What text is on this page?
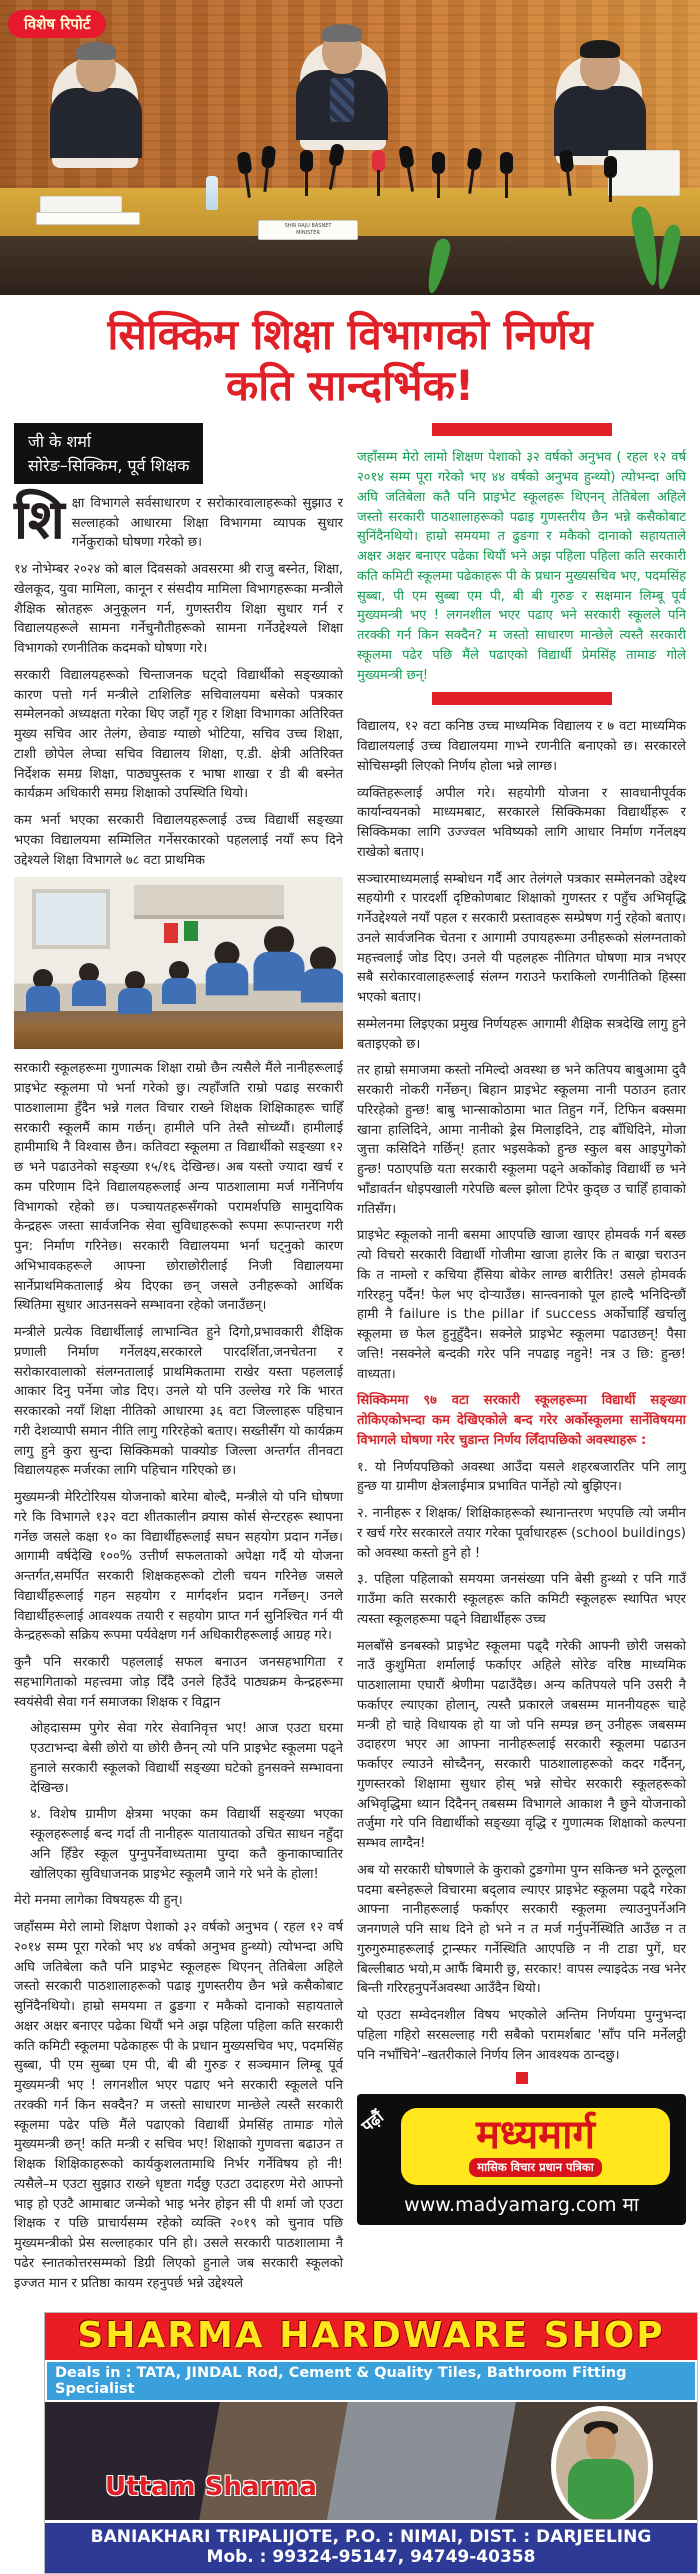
विशेष रिपोर्ट

SHRI RAJU BASNET
MINISTER
सिक्किम शिक्षा विभागको निर्णय
कति सान्दर्भिक!
जी के शर्मा
सोरेङ–सिक्किम, पूर्व शिक्षक

शिक्षा विभागले सर्वसाधारण र सरोकारवालाहरूको सुझाउ र सल्लाहको आधारमा शिक्षा विभागमा व्यापक सुधार गर्नेकुराको घोषणा गरेको छ।

१४ नोभेम्बर २०२४ को बाल दिवसको अवसरमा श्री राजु बस्नेत, शिक्षा, खेलकूद, युवा मामिला, कानून र संसदीय मामिला विभागहरूका मन्त्रीले शैक्षिक स्रोतहरू अनुकूलन गर्न, गुणस्तरीय शिक्षा सुधार गर्न र विद्यालयहरूले सामना गर्नेचुनौतीहरूको सामना गर्नेउद्देश्यले शिक्षा विभागको रणनीतिक कदमको घोषणा गरे।

सरकारी विद्यालयहरूको चिन्ताजनक घट्दो विद्यार्थीको सङ्ख्याको कारण पत्तो गर्न मन्त्रीले टाशिलिङ सचिवालयमा बसेको पत्रकार सम्मेलनको अध्यक्षता गरेका थिए जहाँ गृह र शिक्षा विभागका अतिरिक्त मुख्य सचिव आर तेलंग, छेवाङ ग्याछो भोटिया, सचिव उच्च शिक्षा, टाशी छोपेल लेप्चा सचिव विद्यालय शिक्षा, ए.डी. क्षेत्री अतिरिक्त निर्देशक समग्र शिक्षा, पाठ्यपुस्तक र भाषा शाखा र डी बी बस्नेत कार्यक्रम अधिकारी समग्र शिक्षाको उपस्थिति थियो।

कम भर्ना भएका सरकारी विद्यालयहरूलाई उच्च विद्यार्थी सङ्ख्या भएका विद्यालयमा सम्मिलित गर्नेसरकारको पहललाई नयाँ रूप दिने उद्देश्यले शिक्षा विभागले ७८ वटा प्राथमिक

सरकारी स्कूलहरूमा गुणात्मक शिक्षा राम्रो छैन त्यसैले मैंले नानीहरूलाई प्राइभेट स्कूलमा पो भर्ना गरेको छु। त्यहाँजति राम्रो पढाइ सरकारी पाठशालामा हुँदैन भन्ने गलत विचार राख्ने शिक्षक शिक्षिकाहरू चाहिँ सरकारी स्कूलमैं काम गर्छन्। हामीले पनि तेस्तै सोच्थ्यौं। हामीलाई हामीमाथि नै विश्वास छैन। कतिवटा स्कूलमा त विद्यार्थीको सङ्ख्या १२ छ भने पढाउनेको सङ्ख्या १५/१६ देखिन्छ। अब यस्तो ज्यादा खर्च र कम परिणाम दिने विद्यालयहरूलाई अन्य पाठशालामा मर्ज गर्नेनिर्णय विभागको रहेको छ। पञ्चायतहरूसँगको परामर्शपछि सामुदायिक केन्द्रहरू जस्ता सार्वजनिक सेवा सुविधाहरूको रूपमा रूपान्तरण गरी पुन: निर्माण गरिनेछ। सरकारी विद्यालयमा भर्ना घट्नुको कारण अभिभावकहरूले आफ्ना छोराछोरीलाई निजी विद्यालयमा सार्नेप्राथमिकतालाई श्रेय दिएका छन् जसले उनीहरूको आर्थिक स्थितिमा सुधार आउनसक्ने सम्भावना रहेको जनाउँछन्।

मन्त्रीले प्रत्येक विद्यार्थीलाई लाभान्वित हुने दिगो,प्रभावकारी शैक्षिक प्रणाली निर्माण गर्नेलक्ष्य,सरकारले पारदर्शिता,जनचेतना र सरोकारवालाको संलग्नतालाई प्राथमिकतामा राखेर यस्ता पहललाई आकार दिनु पर्नेमा जोड दिए। उनले यो पनि उल्लेख गरे कि भारत सरकारको नयाँ शिक्षा नीतिको आधारमा ३६ वटा जिल्लाहरू पहिचान गरी देशव्यापी समान नीति लागु गरिरहेको बताए। सख्तीसँग यो कार्यक्रम लागु हुने कुरा सुन्दा सिक्किमको पाक्योङ जिल्ला अन्तर्गत तीनवटा विद्यालयहरू मर्जरका लागि पहिचान गरिएको छ।

मुख्यमन्त्री मेरिटोरियस योजनाको बारेमा बोल्दै, मन्त्रीले यो पनि घोषणा गरे कि विभागले १३२ वटा शीतकालीन क्र्यास कोर्स सेन्टरहरू स्थापना गर्नेछ जसले कक्षा १० का विद्यार्थीहरूलाई सघन सहयोग प्रदान गर्नेछ। आगामी वर्षदेखि १००% उत्तीर्ण सफलताको अपेक्षा गर्दै यो योजना अन्तर्गत,समर्पित सरकारी शिक्षकहरूको टोली चयन गरिनेछ जसले विद्यार्थीहरूलाई गहन सहयोग र मार्गदर्शन प्रदान गर्नेछन्। उनले विद्यार्थीहरूलाई आवश्यक तयारी र सहयोग प्राप्त गर्न सुनिश्चित गर्न यी केन्द्रहरूको सक्रिय रूपमा पर्यवेक्षण गर्न अधिकारीहरूलाई आग्रह गरे।

कुनै पनि सरकारी पहललाई सफल बनाउन जनसहभागिता र सहभागिताको महत्त्वमा जोड़ दिँदै उनले हिउँदे पाठ्यक्रम केन्द्रहरूमा स्वयंसेवी सेवा गर्न समाजका शिक्षक र विद्वान

ओहदासम्म पुगेर सेवा गरेर सेवानिवृत्त भए! आज एउटा घरमा एउटाभन्दा बेसी छोरो या छोरी छैनन् त्यो पनि प्राइभेट स्कूलमा पढ्ने हुनाले सरकारी स्कूलको विद्यार्थी सङ्ख्या घटेको हुनसक्ने सम्भावना देखिन्छ।

४. विशेष ग्रामीण क्षेत्रमा भएका कम विद्यार्थी सङ्ख्या भएका स्कूलहरूलाई बन्द गर्दा ती नानीहरू यातायातको उचित साधन नहुँदा अनि हिँडेर स्कूल पुग्नुपर्नेवाध्यतामा पुग्दा कतै कुनाकाप्चातिर खोलिएका सुविधाजनक प्राइभेट स्कूलमै जाने गरे भने के होला!

मेरो मनमा लागेका विषयहरू यी हुन्।

जहाँसम्म मेरो लामो शिक्षण पेशाको ३२ वर्षको अनुभव ( रहल १२ वर्ष २०१४ सम्म पूरा गरेको भए ४४ वर्षको अनुभव हुन्थ्यो) त्योभन्दा अघि अघि जतिबेला कतै पनि प्राइभेट स्कूलहरू थिएनन् तेतिबेला अहिले जस्तो सरकारी पाठशालाहरूको पढाइ गुणस्तरीय छैन भन्ने कसैकोबाट सुनिंदैनथियो। हाम्रो समयमा त ढुङगा र मकैको दानाको सहायताले अक्षर अक्षर बनाएर पढेका थियौं भने अझ पहिला पहिला कति सरकारी कति कमिटी स्कूलमा पढेकाहरू पी के प्रधान मुख्यसचिव भए, पदमसिंह सुब्बा, पी एम सुब्बा एम पी, बी बी गुरुङ र सञ्चमान लिम्बू पूर्व मुख्यमन्त्री भए ! लगनशील भएर पढाए भने सरकारी स्कूलले पनि तरक्की गर्न किन सक्दैन? म जस्तो साधारण मान्छेले त्यस्तै सरकारी स्कूलमा पढेर पछि मैंले पढाएको विद्यार्थी प्रेमसिंह तामाङ गोले मुख्यमन्त्री छन्! कति मन्त्री र सचिव भए! शिक्षाको गुणवत्ता बढाउन त शिक्षक शिक्षिकाहरूको कार्यकुशलतामाथि निर्भर गर्नेविषय हो नी! त्यसैले–म एउटा सुझाउ राख्ने धृष्टता गर्दछु एउटा उदाहरण मेरो आफ्नो भाइ हो एउटै आमाबाट जन्मेको भाइ भनेर होइन सी पी शर्मा जो एउटा शिक्षक र पछि प्राचार्यसम्म रहेको व्यक्ति २०१९ को चुनाव पछि मुख्यमन्त्रीको प्रेस सल्लाहकार पनि हो। उसले सरकारी पाठशालामा नै पढेर स्नातकोत्तरसम्मको डिग्री लिएको हुनाले जब सरकारी स्कूलको इज्जत मान र प्रतिष्ठा कायम रहनुपर्छ भन्ने उद्देश्यले

जहाँसम्म मेरो लामो शिक्षण पेशाको ३२ वर्षको अनुभव ( रहल १२ वर्ष २०१४ सम्म पूरा गरेको भए ४४ वर्षको अनुभव हुन्थ्यो) त्योभन्दा अघि अघि जतिबेला कतै पनि प्राइभेट स्कूलहरू थिएनन् तेतिबेला अहिले जस्तो सरकारी पाठशालाहरूको पढाइ गुणस्तरीय छैन भन्ने कसैकोबाट सुनिंदैनथियो। हाम्रो समयमा त ढुङगा र मकैको दानाको सहायताले अक्षर अक्षर बनाएर पढेका थियौं भने अझ पहिला पहिला कति सरकारी कति कमिटी स्कूलमा पढेकाहरू पी के प्रधान मुख्यसचिव भए, पदमसिंह सुब्बा, पी एम सुब्बा एम पी, बी बी गुरुङ र सक्षमान लिम्बू पूर्व मुख्यमन्त्री भए ! लगनशील भएर पढाए भने सरकारी स्कूलले पनि तरक्की गर्न किन सक्दैन? म जस्तो साधारण मान्छेले त्यस्तै सरकारी स्कूलमा पढेर पछि मैंले पढाएको विद्यार्थी प्रेमसिंह तामाङ गोले मुख्यमन्त्री छन्!

विद्यालय, १२ वटा कनिष्ठ उच्च माध्यमिक विद्यालय र ७ वटा माध्यमिक विद्यालयलाई उच्च विद्यालयमा गाभ्ने रणनीति बनाएको छ। सरकारले सोचिसम्झी लिएको निर्णय होला भन्ने लाग्छ।

व्यक्तिहरूलाई अपील गरे। सहयोगी योजना र सावधानीपूर्वक कार्यान्वयनको माध्यमबाट, सरकारले सिक्किमका विद्यार्थीहरू र सिक्किमका लागि उज्ज्वल भविष्यको लागि आधार निर्माण गर्नेलक्ष्य राखेको बताए।

सञ्चारमाध्यमलाई सम्बोधन गर्दै आर तेलंगले पत्रकार सम्मेलनको उद्देश्य सहयोगी र पारदर्शी दृष्टिकोणबाट शिक्षाको गुणस्तर र पहुँच अभिवृद्धि गर्नेउद्देश्यले नयाँ पहल र सरकारी प्रस्तावहरू सम्प्रेषण गर्नु रहेको बताए। उनले सार्वजनिक चेतना र आगामी उपायहरूमा उनीहरूको संलग्नताको महत्त्वलाई जोड दिए। उनले यी पहलहरू नीतिगत घोषणा मात्र नभएर सबै सरोकारवालाहरूलाई संलग्न गराउने फराकिलो रणनीतिको हिस्सा भएको बताए।

सम्मेलनमा लिइएका प्रमुख निर्णयहरू आगामी शैक्षिक सत्रदेखि लागु हुने बताइएको छ।

तर हाम्रो समाजमा कस्तो नमिल्दो अवस्था छ भने कतिपय बाबुआमा दुवै सरकारी नोकरी गर्नेछन्। बिहान प्राइभेट स्कूलमा नानी पठाउन हतार परिरहेको हुन्छ! बाबु भान्साकोठामा भात तिहुन गर्ने, टिफिन बक्समा खाना हालिदिने, आमा नानीको ड्रेस मिलाइदिने, टाइ बाँधिदिने, मोजा जुत्ता कसिदिने गर्छिन्! हतार भइसकेको हुन्छ स्कुल बस आइपुगेको हुन्छ! पठाएपछि यता सरकारी स्कूलमा पढ्ने अर्कोकोइ विद्यार्थी छ भने भाँडावर्तन धोइपखाली गरेपछि बल्ल झोला टिपेर कुद्छ उ चाहिँ हावाको गतिसँग।

प्राइभेट स्कूलको नानी बसमा आएपछि खाजा खाएर होमवर्क गर्न बस्छ त्यो विचरो सरकारी विद्यार्थी गोजीमा खाजा हालेर कि त बाख्रा चराउन कि त नाम्लो र कचिया हँसिया बोकेर लाग्छ बारीतिर! उसले होमवर्क गरिरहनु पर्दैन! फेल भए दोऱ्याउँछ। सान्त्वनाको पूल हाल्दै भनिदिन्छौं हामी नै failure is the pillar if success अर्कोचाहिँ खर्चालु स्कूलमा छ फेल हुनुहुँदैन। सक्नेले प्राइभेट स्कूलमा पढाउछन्! पैसा जत्ति! नसक्नेले बन्दकी गरेर पनि नपढाइ नहुने! नत्र उ छि: हुन्छ! वाध्यता।

सिक्किममा ९७ वटा सरकारी स्कूलहरूमा विद्यार्थी सङ्ख्या तोकिएकोभन्दा कम देखिएकोले बन्द गरेर अर्कोस्कूलमा सार्नेविषयमा विभागले घोषणा गरेर चुडान्त निर्णय लिँदापछिको अवस्थाहरू :

१. यो निर्णयपछिको अवस्था आउँदा यसले शहरबजारतिर पनि लागु हुन्छ या ग्रामीण क्षेत्रलाईमात्र प्रभावित पार्नेहो त्यो बुझिएन।

२. नानीहरू र शिक्षक/ शिक्षिकाहरूको स्थानान्तरण भएपछि त्यो जमीन र खर्च गरेर सरकारले तयार गरेका पूर्वाधारहरू (school buildings) को अवस्था कस्तो हुने हो !

३. पहिला पहिलाको समयमा जनसंख्या पनि बेसी हुन्थ्यो र पनि गाउँ गाउँमा कति सरकारी स्कूलहरू कति कमिटी स्कूलहरू स्थापित भएर त्यस्ता स्कूलहरूमा पढ्ने विद्यार्थीहरू उच्च

मलबाँसे डनबस्को प्राइभेट स्कूलमा पढ्दै गरेकी आफ्नी छोरी जसको नाउँ कुशुमिता शर्मालाई फर्काएर अहिले सोरेङ वरिष्ठ माध्यमिक पाठशालामा एघारौं श्रेणीमा पढाउँदैछ। अन्य कतिपयले पनि उसरी नै फर्काएर ल्याएका होलान्, त्यस्तै प्रकारले जबसम्म माननीयहरू चाहे मन्त्री हो चाहे विधायक हो या जो पनि सम्पन्न छन् उनीहरू जबसम्म उदाहरण भएर आ आफ्ना नानीहरूलाई सरकारी स्कूलमा पढाउन फर्काएर ल्याउने सोच्दैनन्, सरकारी पाठशालाहरूको कदर गर्दैनन्, गुणस्तरको शिक्षामा सुधार होस् भन्ने सोचेर सरकारी स्कूलहरूको अभिवृद्धिमा ध्यान दिदैनन् तबसम्म विभागले आकाश नै छुने योजनाको तर्जुमा गरे पनि विद्यार्थीको सङ्ख्या वृद्धि र गुणात्मक शिक्षाको कल्पना सम्भव लाग्दैन!

अब यो सरकारी घोषणाले के कुराको टुङगोमा पुग्न सकिन्छ भने ठूल्ठूला पदमा बस्नेहरूले विचारमा बद्लाव ल्याएर प्राइभेट स्कूलमा पढ्दै गरेका आफ्ना नानीहरूलाई फर्काएर सरकारी स्कूलमा ल्याउनुपर्नेअनि जनगणले पनि साथ दिने हो भने न त मर्ज गर्नुपर्नेस्थिति आउँछ न त गुरुगुरुमाहरूलाई ट्रान्स्फर गर्नेस्थिति आएपछि न नी टाडा पुगें, घर बिल्लीबाठ भयो,म आफैं बिमारी छु, सरकार! वापस ल्याइदेऊ नख भनेर बिन्ती गरिरहनुपर्नेअवस्था आउँदैन थियो।

यो एउटा सम्वेदनशील विषय भएकोले अन्तिम निर्णयमा पुग्नुभन्दा पहिला गहिरो सरसल्लाह गरी सबैको परामर्शबाट 'साँप पनि मर्नेलट्ठी पनि नभाँचिने'–खतरीकाले निर्णय लिन आवश्यक ठान्दछु।

पढ़ौं	मध्यमार्ग
मासिक विचार प्रधान पत्रिका
www.madyamarg.com मा
SHARMA HARDWARE SHOP
Deals in : TATA, JINDAL Rod, Cement & Quality Tiles, Bathroom Fitting Specialist
Uttam Sharma
BANIAKHARI TRIPALIJOTE, P.O. : NIMAI, DIST. : DARJEELING
Mob. : 99324-95147, 94749-40358
